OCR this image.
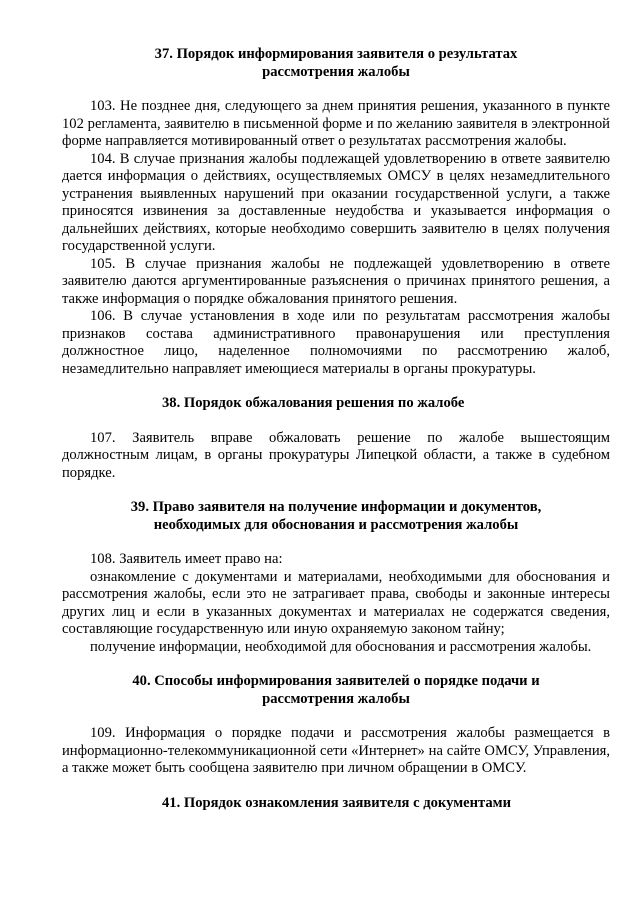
37. Порядок информирования заявителя о результатах
рассмотрения жалобы

103. Не позднее дня, следующего за днем принятия решения, указанного в пункте 102 регламента, заявителю в письменной форме и по желанию заявителя в электронной форме направляется мотивированный ответ о результатах рассмотрения жалобы.

104. В случае признания жалобы подлежащей удовлетворению в ответе заявителю дается информация о действиях, осуществляемых ОМСУ в целях незамедлительного устранения выявленных нарушений при оказании государственной услуги, а также приносятся извинения за доставленные неудобства и указывается информация о дальнейших действиях, которые необходимо совершить заявителю в целях получения государственной услуги.

105. В случае признания жалобы не подлежащей удовлетворению в ответе заявителю даются аргументированные разъяснения о причинах принятого решения, а также информация о порядке обжалования принятого решения.

106. В случае установления в ходе или по результатам рассмотрения жалобы признаков состава административного правонарушения или преступления должностное лицо, наделенное полномочиями по рассмотрению жалоб, незамедлительно направляет имеющиеся материалы в органы прокуратуры.

38. Порядок обжалования решения по жалобе

107. Заявитель вправе обжаловать решение по жалобе вышестоящим должностным лицам, в органы прокуратуры Липецкой области, а также в судебном порядке.

39. Право заявителя на получение информации и документов,
необходимых для обоснования и рассмотрения жалобы

108. Заявитель имеет право на:

ознакомление с документами и материалами, необходимыми для обоснования и рассмотрения жалобы, если это не затрагивает права, свободы и законные интересы других лиц и если в указанных документах и материалах не содержатся сведения, составляющие государственную или иную охраняемую законом тайну;

получение информации, необходимой для обоснования и рассмотрения жалобы.

40. Способы информирования заявителей о порядке подачи и
рассмотрения жалобы

109. Информация о порядке подачи и рассмотрения жалобы размещается в информационно-телекоммуникационной сети «Интернет» на сайте ОМСУ, Управления, а также может быть сообщена заявителю при личном обращении в ОМСУ.

41. Порядок ознакомления заявителя с документами
